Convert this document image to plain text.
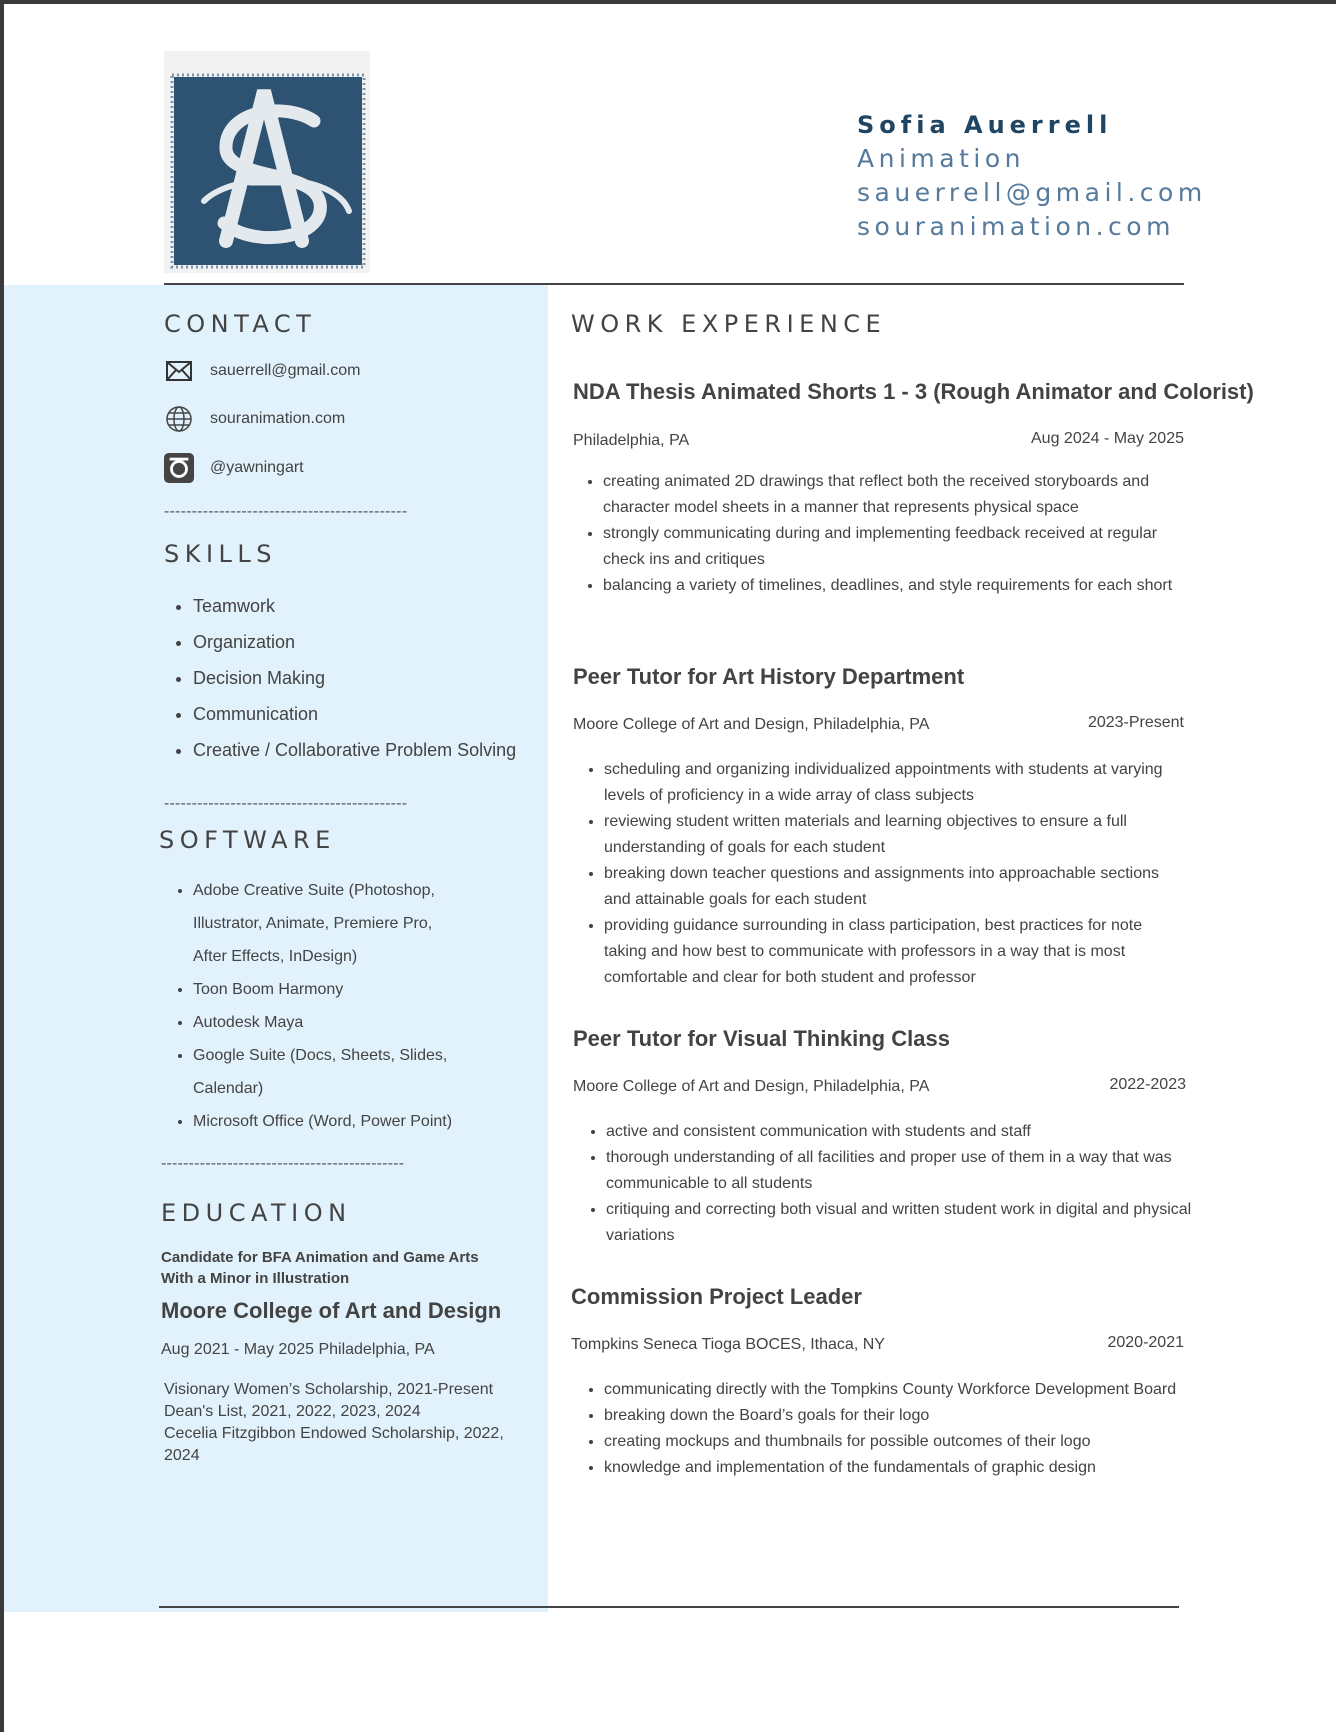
Sofia Auerrell
Animation
sauerrell@gmail.com
souranimation.com
CONTACT
sauerrell@gmail.com
souranimation.com
@yawningart
--------------------------------------------
SKILLS
• Teamwork
• Organization
• Decision Making
• Communication
• Creative / Collaborative Problem Solving
--------------------------------------------
SOFTWARE
• Adobe Creative Suite (Photoshop, Illustrator, Animate, Premiere Pro, After Effects, InDesign)
• Toon Boom Harmony
• Autodesk Maya
• Google Suite (Docs, Sheets, Slides, Calendar)
• Microsoft Office (Word, Power Point)
--------------------------------------------
EDUCATION
Candidate for BFA Animation and Game Arts
With a Minor in Illustration
Moore College of Art and Design
Aug 2021 - May 2025 Philadelphia, PA
Visionary Women’s Scholarship, 2021-Present
Dean's List, 2021, 2022, 2023, 2024
Cecelia Fitzgibbon Endowed Scholarship, 2022, 2024
WORK EXPERIENCE
NDA Thesis Animated Shorts 1 - 3 (Rough Animator and Colorist)
Philadelphia, PA	Aug 2024 - May 2025
• creating animated 2D drawings that reflect both the received storyboards and character model sheets in a manner that represents physical space
• strongly communicating during and implementing feedback received at regular check ins and critiques
• balancing a variety of timelines, deadlines, and style requirements for each short
Peer Tutor for Art History Department
Moore College of Art and Design, Philadelphia, PA	2023-Present
• scheduling and organizing individualized appointments with students at varying levels of proficiency in a wide array of class subjects
• reviewing student written materials and learning objectives to ensure a full understanding of goals for each student
• breaking down teacher questions and assignments into approachable sections and attainable goals for each student
• providing guidance surrounding in class participation, best practices for note taking and how best to communicate with professors in a way that is most comfortable and clear for both student and professor
Peer Tutor for Visual Thinking Class
Moore College of Art and Design, Philadelphia, PA	2022-2023
• active and consistent communication with students and staff
• thorough understanding of all facilities and proper use of them in a way that was communicable to all students
• critiquing and correcting both visual and written student work in digital and physical variations
Commission Project Leader
Tompkins Seneca Tioga BOCES, Ithaca, NY	2020-2021
• communicating directly with the Tompkins County Workforce Development Board
• breaking down the Board’s goals for their logo
• creating mockups and thumbnails for possible outcomes of their logo
• knowledge and implementation of the fundamentals of graphic design
